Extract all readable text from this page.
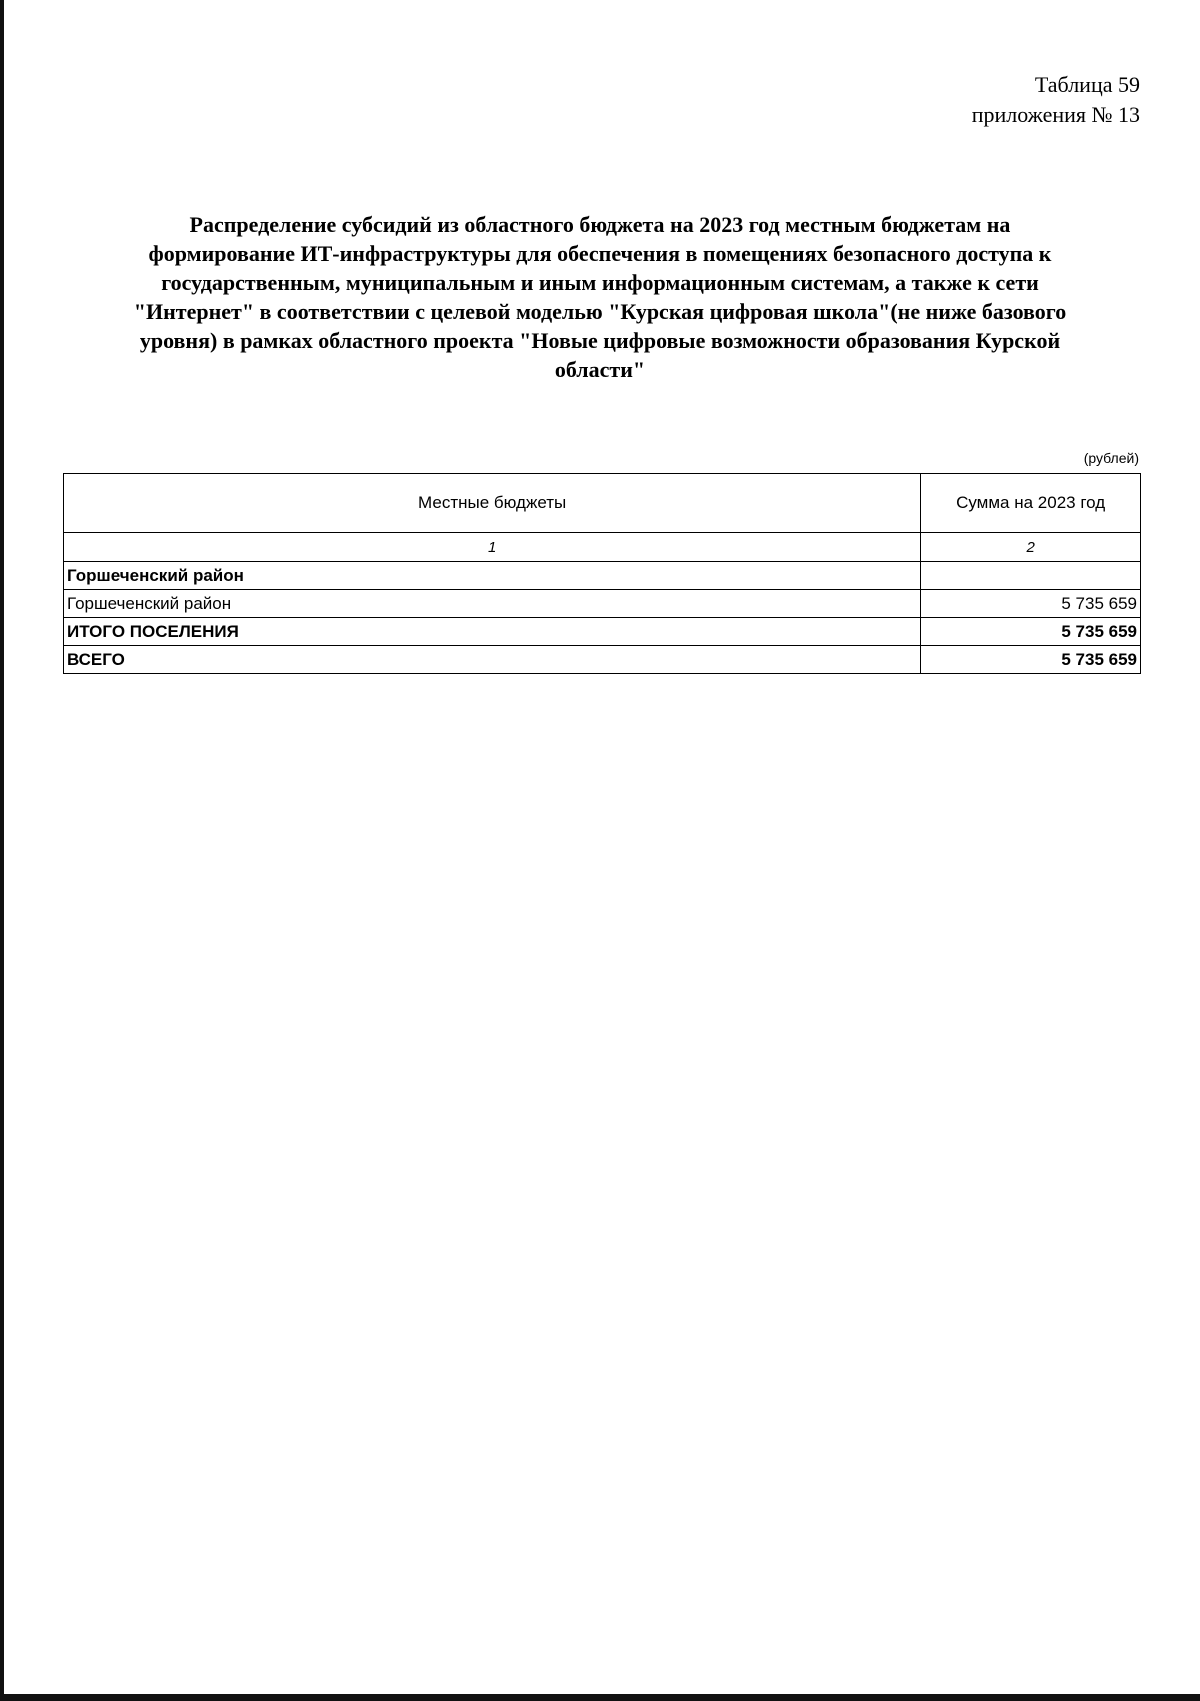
Таблица 59
приложения № 13
Распределение субсидий из областного бюджета на 2023 год местным бюджетам на
формирование ИТ-инфраструктуры для обеспечения в помещениях безопасного доступа к
государственным, муниципальным и иным информационным системам, а также к сети
"Интернет" в соответствии с целевой моделью "Курская цифровая школа"(не ниже базового
уровня) в рамках областного проекта "Новые цифровые возможности образования Курской
области"
(рублей)
Местные бюджеты	Сумма на 2023 год
1	2
Горшеченский район	
Горшеченский район	5 735 659
ИТОГО ПОСЕЛЕНИЯ	5 735 659
ВСЕГО	5 735 659
